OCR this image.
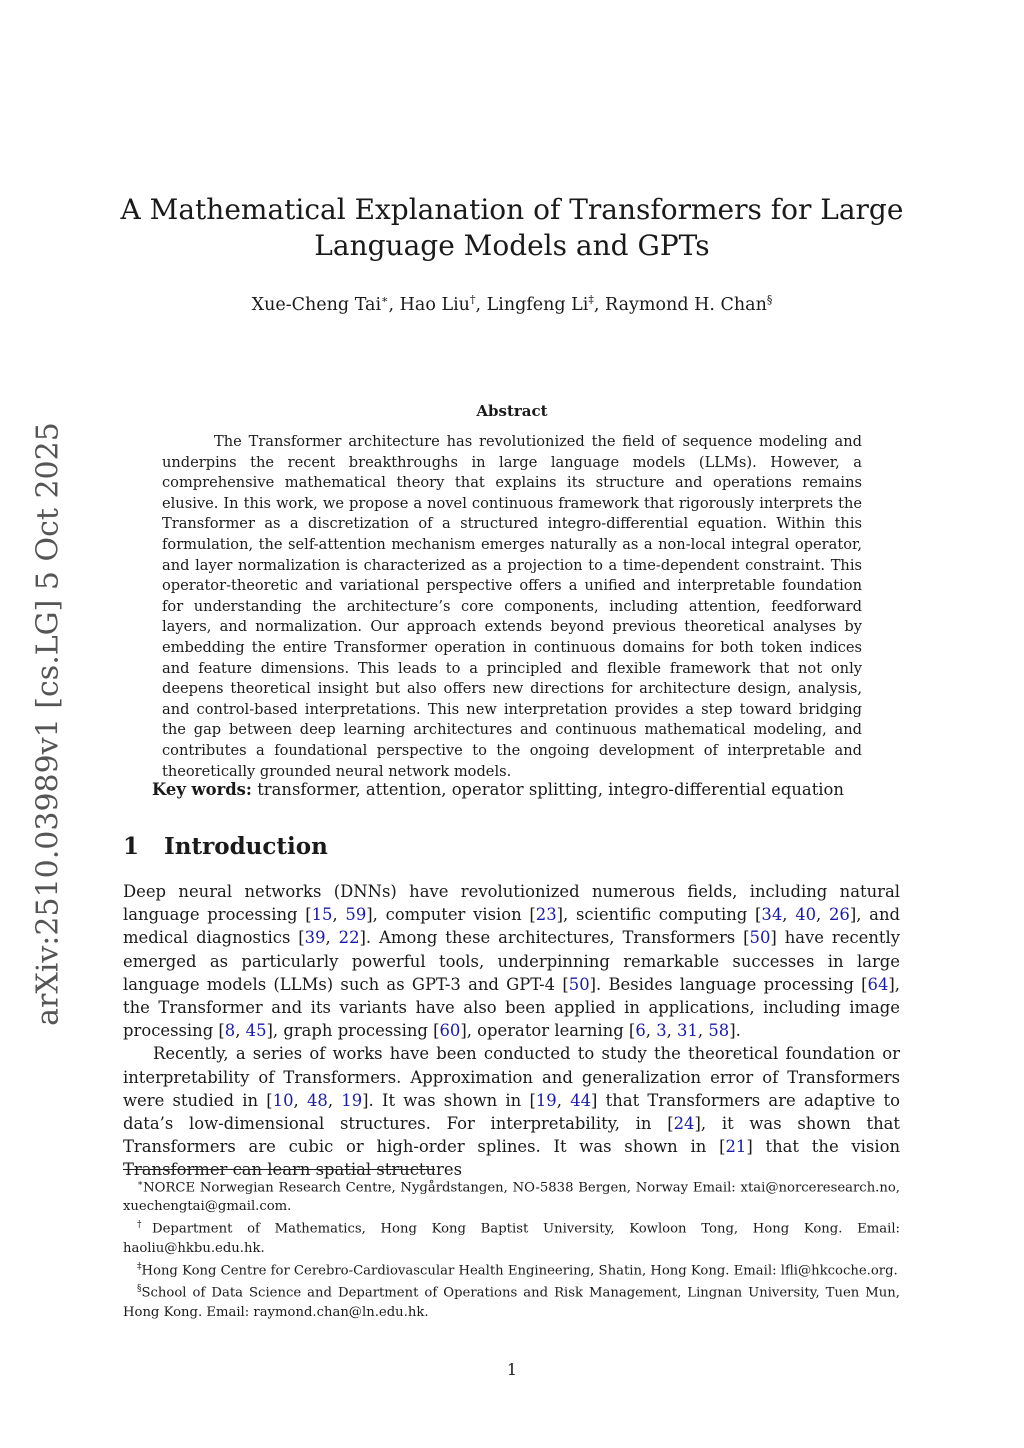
arXiv:2510.03989v1 [cs.LG] 5 Oct 2025
A Mathematical Explanation of Transformers for Large Language Models and GPTs
Xue-Cheng Tai∗, Hao Liu†, Lingfeng Li‡, Raymond H. Chan§
Abstract

The Transformer architecture has revolutionized the field of sequence modeling and underpins the recent breakthroughs in large language models (LLMs). However, a comprehensive mathematical theory that explains its structure and operations remains elusive. In this work, we propose a novel continuous framework that rigorously interprets the Transformer as a discretization of a structured integro-differential equation. Within this formulation, the self-attention mechanism emerges naturally as a non-local integral operator, and layer normalization is characterized as a projection to a time-dependent constraint. This operator-theoretic and variational perspective offers a unified and interpretable foundation for understanding the architecture’s core components, including attention, feedforward layers, and normalization. Our approach extends beyond previous theoretical analyses by embedding the entire Transformer operation in continuous domains for both token indices and feature dimensions. This leads to a principled and flexible framework that not only deepens theoretical insight but also offers new directions for architecture design, analysis, and control-based interpretations. This new interpretation provides a step toward bridging the gap between deep learning architectures and continuous mathematical modeling, and contributes a foundational perspective to the ongoing development of interpretable and theoretically grounded neural network models.

Key words: transformer, attention, operator splitting, integro-differential equation
1 Introduction

Deep neural networks (DNNs) have revolutionized numerous fields, including natural language processing [15, 59], computer vision [23], scientific computing [34, 40, 26], and medical diagnostics [39, 22]. Among these architectures, Transformers [50] have recently emerged as particularly powerful tools, underpinning remarkable successes in large language models (LLMs) such as GPT-3 and GPT-4 [50]. Besides language processing [64], the Transformer and its variants have also been applied in applications, including image processing [8, 45], graph processing [60], operator learning [6, 3, 31, 58].

Recently, a series of works have been conducted to study the theoretical foundation or interpretability of Transformers. Approximation and generalization error of Transformers were studied in [10, 48, 19]. It was shown in [19, 44] that Transformers are adaptive to data’s low-dimensional structures. For interpretability, in [24], it was shown that Transformers are cubic or high-order splines. It was shown in [21] that the vision Transformer can learn spatial structures

∗NORCE Norwegian Research Centre, Nygårdstangen, NO-5838 Bergen, Norway Email: xtai@norceresearch.no, xuechengtai@gmail.com.

†Department of Mathematics, Hong Kong Baptist University, Kowloon Tong, Hong Kong. Email: haoliu@hkbu.edu.hk.

‡Hong Kong Centre for Cerebro-Cardiovascular Health Engineering, Shatin, Hong Kong. Email: lfli@hkcoche.org.

§School of Data Science and Department of Operations and Risk Management, Lingnan University, Tuen Mun, Hong Kong. Email: raymond.chan@ln.edu.hk.

1
